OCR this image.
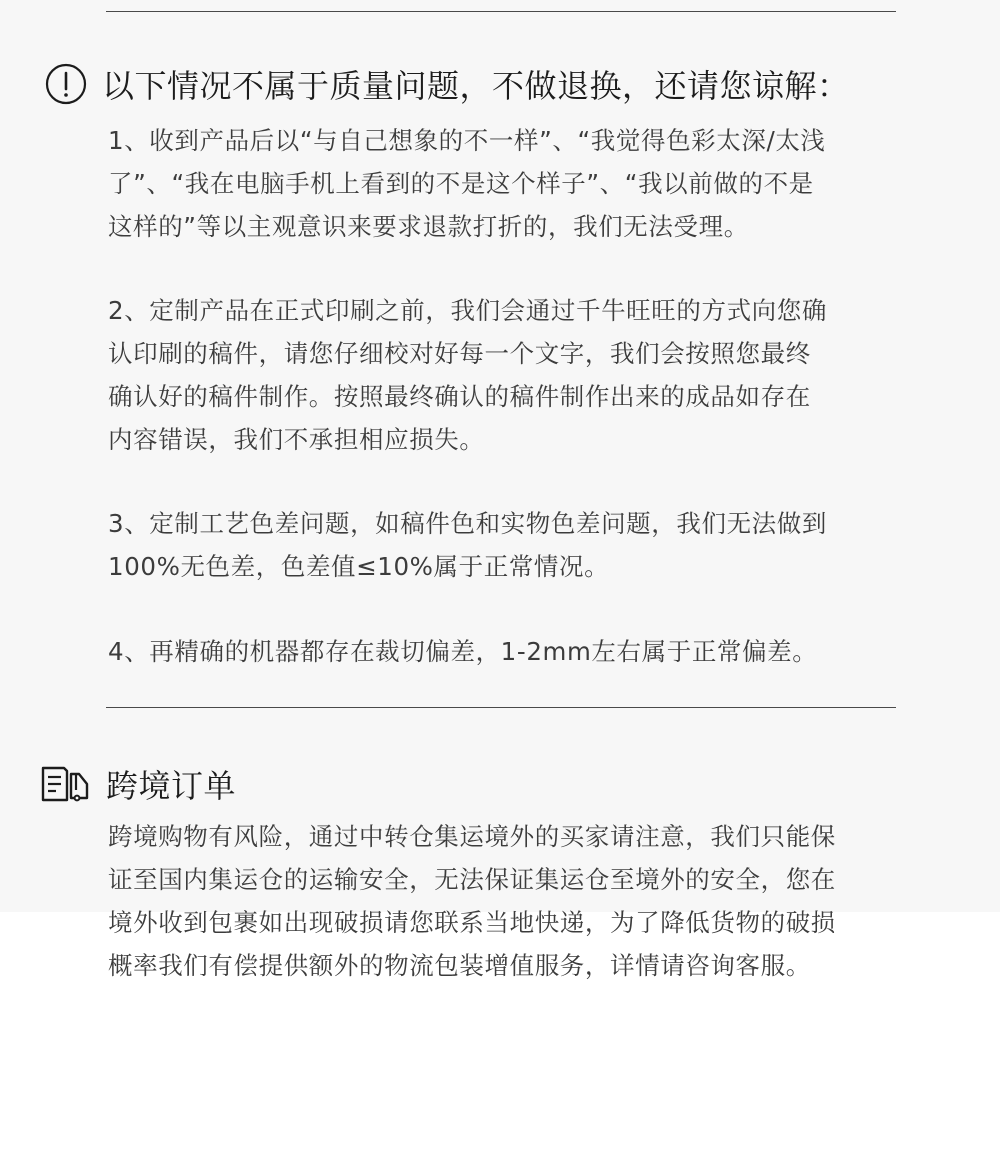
以下情况不属于质量问题，不做退换，还请您谅解：
1、收到产品后以“与自己想象的不一样”、“我觉得色彩太深/太浅
了”、“我在电脑手机上看到的不是这个样子”、“我以前做的不是
这样的”等以主观意识来要求退款打折的，我们无法受理。
2、定制产品在正式印刷之前，我们会通过千牛旺旺的方式向您确
认印刷的稿件，请您仔细校对好每一个文字，我们会按照您最终
确认好的稿件制作。按照最终确认的稿件制作出来的成品如存在
内容错误，我们不承担相应损失。
3、定制工艺色差问题，如稿件色和实物色差问题，我们无法做到
100%无色差，色差值≤10%属于正常情况。
4、再精确的机器都存在裁切偏差，1-2mm左右属于正常偏差。
跨境订单
跨境购物有风险，通过中转仓集运境外的买家请注意，我们只能保
证至国内集运仓的运输安全，无法保证集运仓至境外的安全，您在
境外收到包裹如出现破损请您联系当地快递，为了降低货物的破损
概率我们有偿提供额外的物流包装增值服务，详情请咨询客服。
